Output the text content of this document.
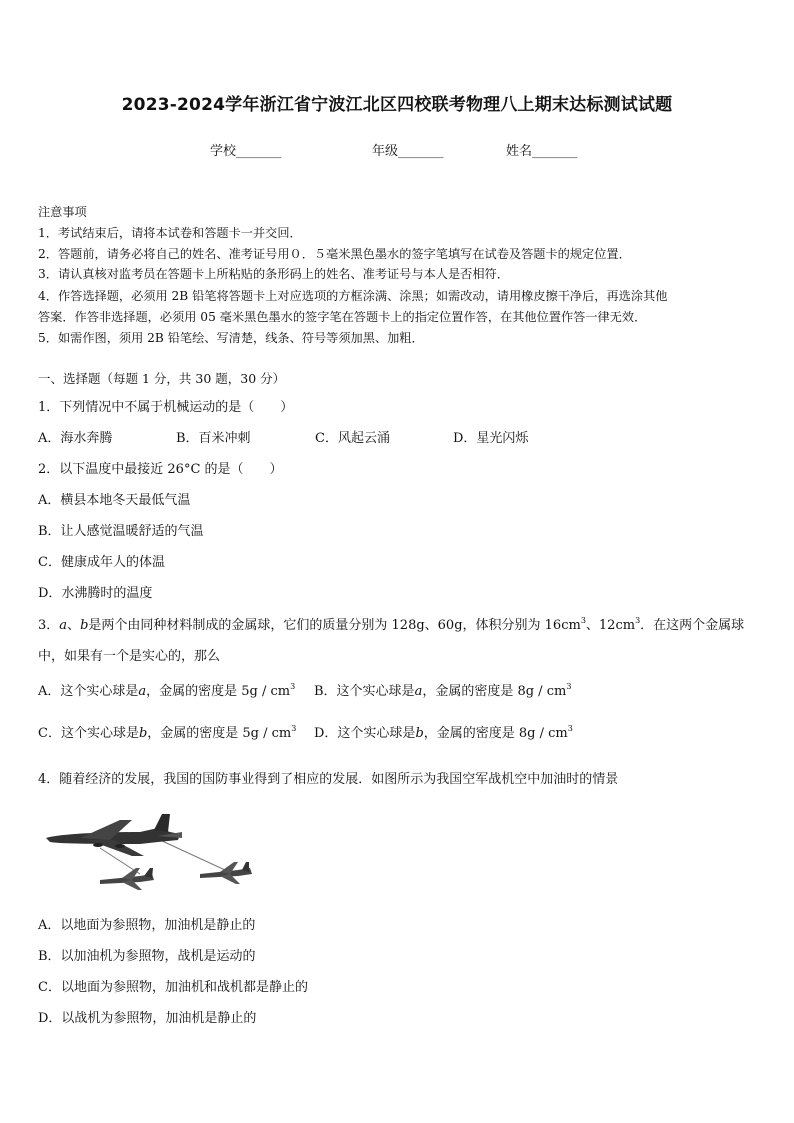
2023-2024学年浙江省宁波江北区四校联考物理八上期末达标测试试题
学校_______	年级_______	姓名_______
注意事项
1．考试结束后，请将本试卷和答题卡一并交回．
2．答题前，请务必将自己的姓名、准考证号用０．５毫米黑色墨水的签字笔填写在试卷及答题卡的规定位置．
3．请认真核对监考员在答题卡上所粘贴的条形码上的姓名、准考证号与本人是否相符．
4．作答选择题，必须用 2B 铅笔将答题卡上对应选项的方框涂满、涂黑；如需改动，请用橡皮擦干净后，再选涂其他
答案．作答非选择题，必须用 05 毫米黑色墨水的签字笔在答题卡上的指定位置作答，在其他位置作答一律无效．
5．如需作图，须用 2B 铅笔绘、写清楚，线条、符号等须加黑、加粗．
一、选择题（每题 1 分，共 30 题，30 分）
1．下列情况中不属于机械运动的是（　　）
A．海水奔腾	B．百米冲刺	C．风起云涌	D．星光闪烁
2．以下温度中最接近 26°C 的是（　　）
A．横县本地冬天最低气温
B．让人感觉温暖舒适的气温
C．健康成年人的体温
D．水沸腾时的温度
3．a、b是两个由同种材料制成的金属球，它们的质量分别为 128g、60g，体积分别为 $16cm^3$、$12cm^3$．在这两个金属球
中，如果有一个是实心的，那么
A．这个实心球是a，金属的密度是 $5g / cm^3$ B．这个实心球是a，金属的密度是 $8g / cm^3$
C．这个实心球是b，金属的密度是 $5g / cm^3$ D．这个实心球是b，金属的密度是 $8g / cm^3$
4．随着经济的发展，我国的国防事业得到了相应的发展．如图所示为我国空军战机空中加油时的情景
A．以地面为参照物，加油机是静止的
B．以加油机为参照物，战机是运动的
C．以地面为参照物，加油机和战机都是静止的
D．以战机为参照物，加油机是静止的
